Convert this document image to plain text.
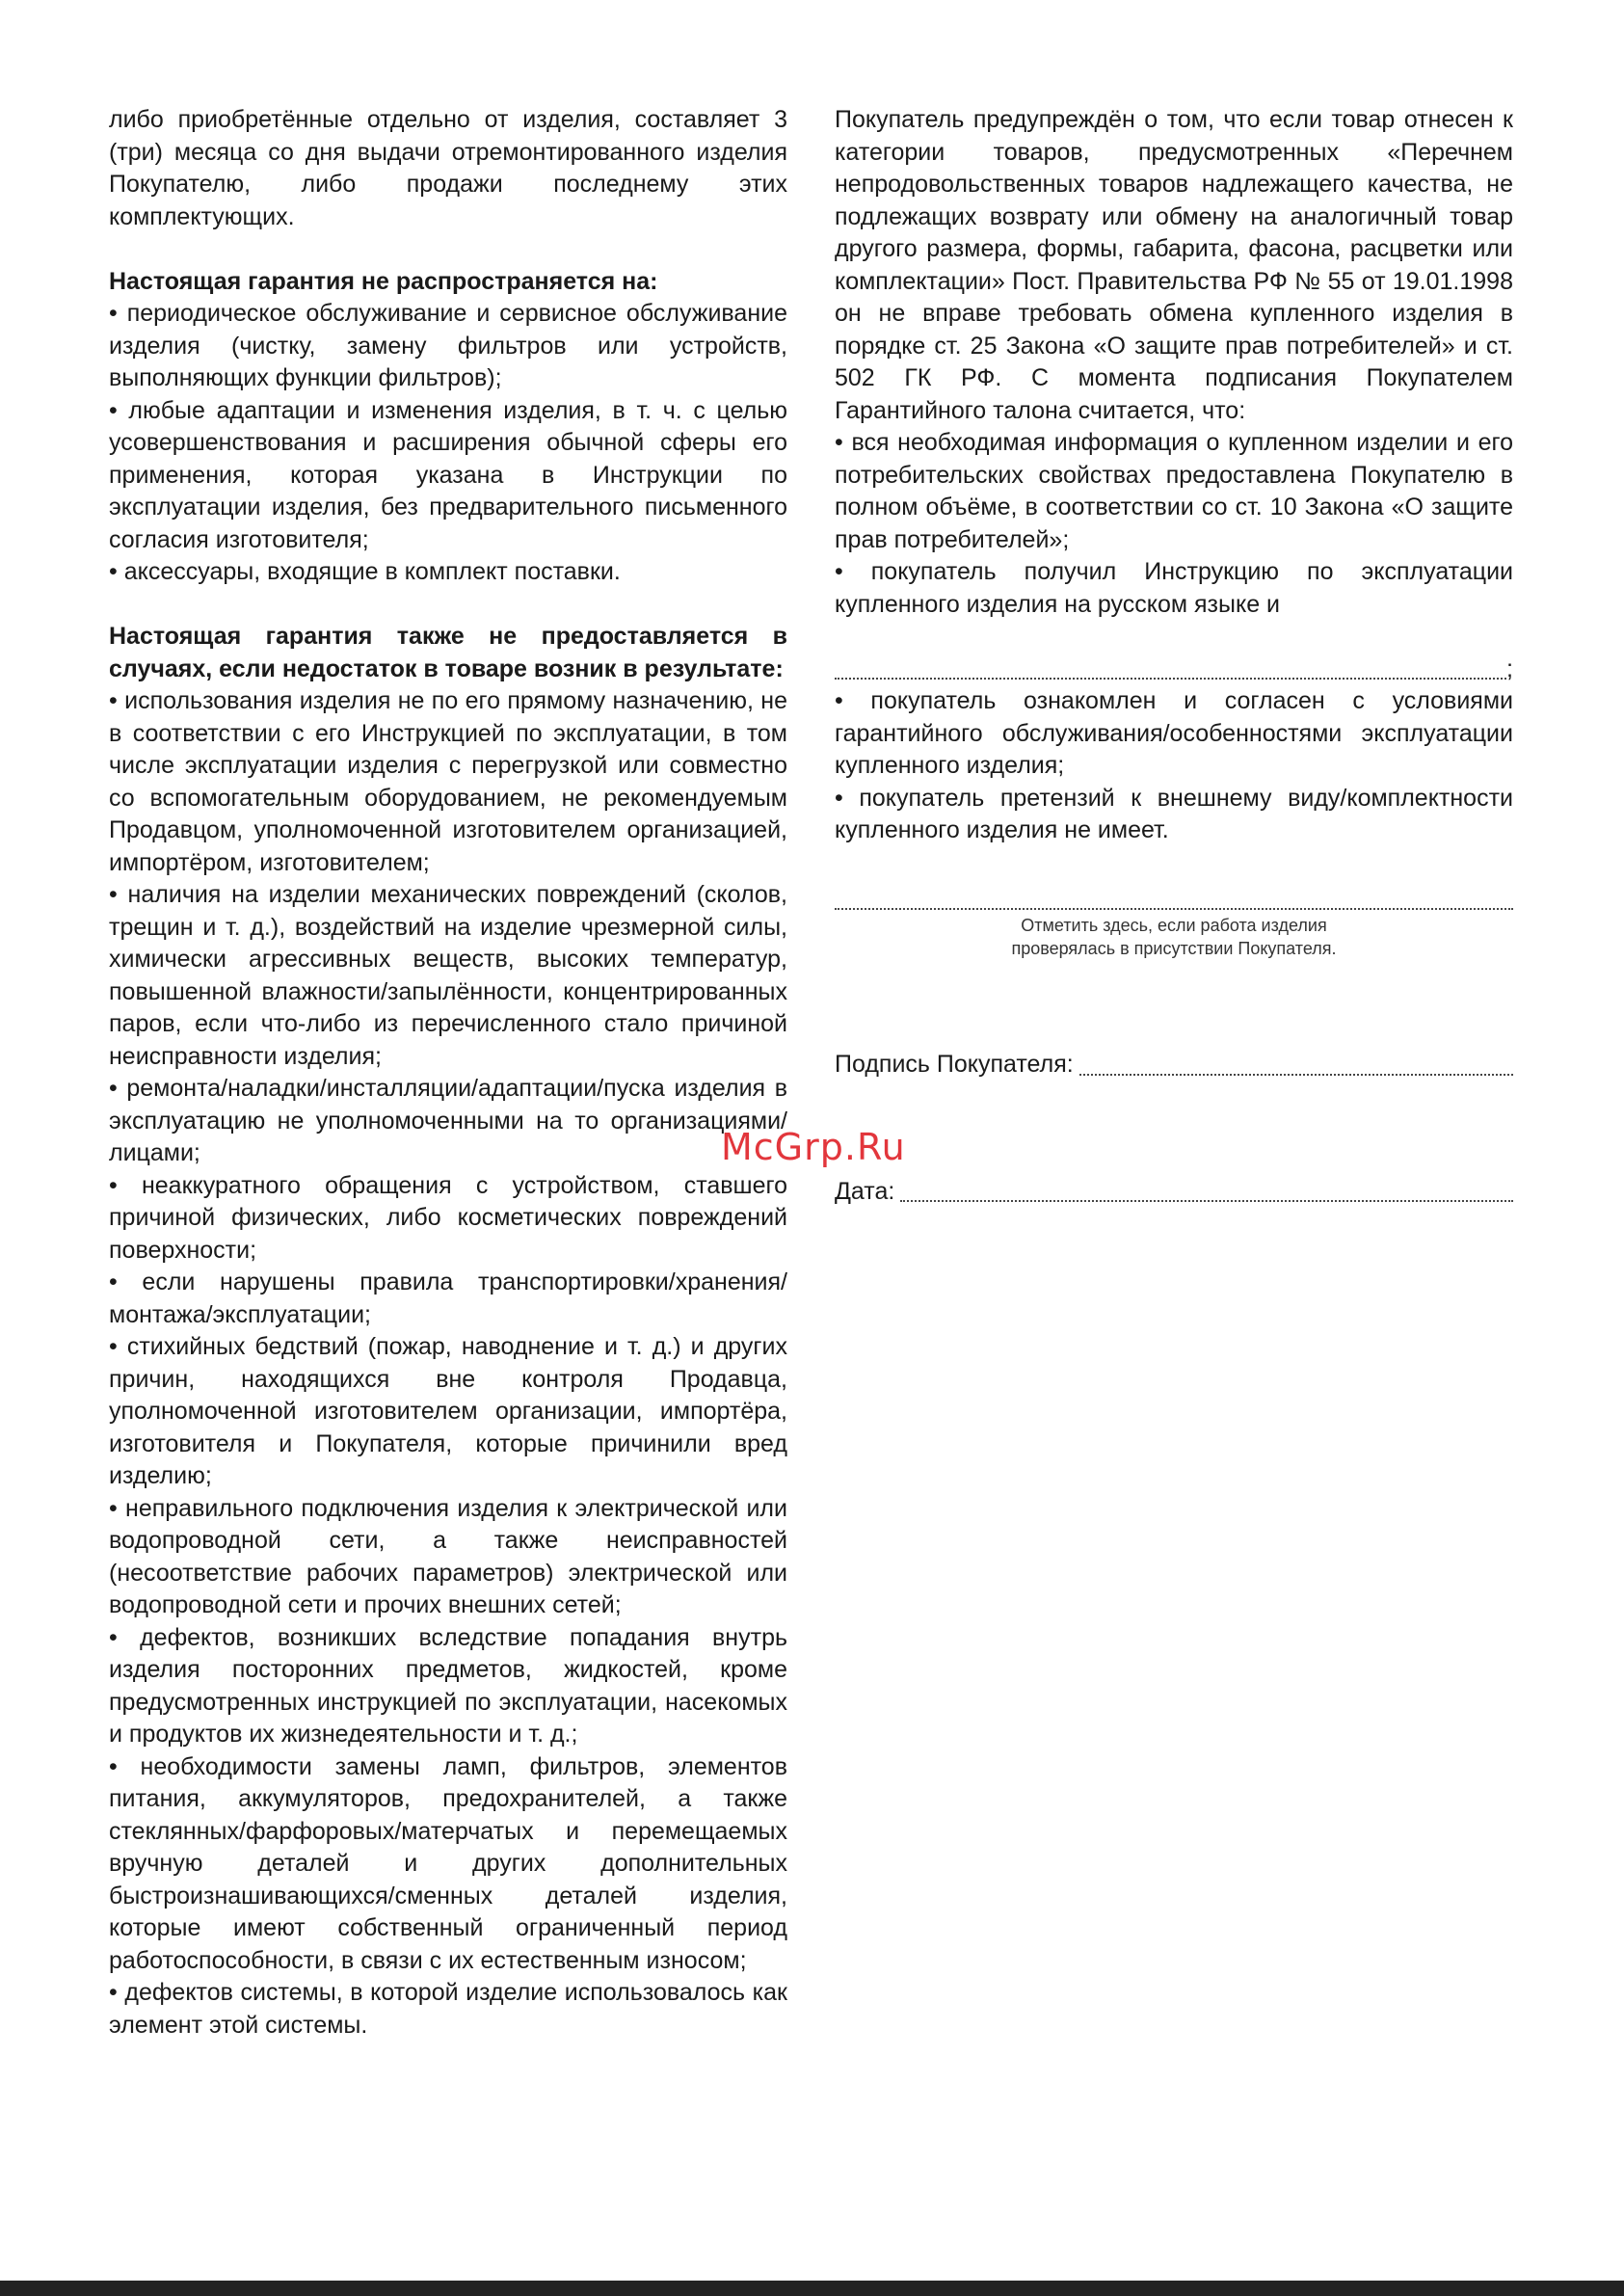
либо приобретённые отдельно от изделия, составляет 3 (три) месяца со дня выдачи отремонтированного изделия Покупателю, либо продажи последнему этих комплектующих.

Настоящая гарантия не распространяется на:

• периодическое обслуживание и сервисное обслуживание изделия (чистку, замену фильтров или устройств, выполняющих функции фильтров);

• любые адаптации и изменения изделия, в т. ч. с целью усовершенствования и расширения обычной сферы его применения, которая указана в Инструкции по эксплуатации изделия, без предварительного письменного согласия изготовителя;

• аксессуары, входящие в комплект поставки.

Настоящая гарантия также не предоставляется в случаях, если недостаток в товаре возник в результате:

• использования изделия не по его прямому назначению, не в соответствии с его Инструкцией по эксплуатации, в том числе эксплуатации изделия с перегрузкой или совместно со вспомогательным оборудованием, не рекомендуемым Продавцом, уполномоченной изготовителем организацией, импортёром, изготовителем;

• наличия на изделии механических повреждений (сколов, трещин и т. д.), воздействий на изделие чрезмерной силы, химически агрессивных веществ, высоких температур, повышенной влажности/запылённости, концентрированных паров, если что-либо из перечисленного стало причиной неисправности изделия;

• ремонта/наладки/инсталляции/адаптации/пуска изделия в эксплуатацию не уполномоченными на то организациями/ лицами;

• неаккуратного обращения с устройством, ставшего причиной физических, либо косметических повреждений поверхности;

• если нарушены правила транспортировки/хранения/ монтажа/эксплуатации;

• стихийных бедствий (пожар, наводнение и т. д.) и других причин, находящихся вне контроля Продавца, уполномоченной изготовителем организации, импортёра, изготовителя и Покупателя, которые причинили вред изделию;

• неправильного подключения изделия к электрической или водопроводной сети, а также неисправностей (несоответствие рабочих параметров) электрической или водопроводной сети и прочих внешних сетей;

• дефектов, возникших вследствие попадания внутрь изделия посторонних предметов, жидкостей, кроме предусмотренных инструкцией по эксплуатации, насекомых и продуктов их жизнедеятельности и т. д.;

• необходимости замены ламп, фильтров, элементов питания, аккумуляторов, предохранителей, а также стеклянных/фарфоровых/матерчатых и перемещаемых вручную деталей и других дополнительных быстроизнашивающихся/сменных деталей изделия, которые имеют собственный ограниченный период работоспособности, в связи с их естественным износом;

• дефектов системы, в которой изделие использовалось как элемент этой системы.

Покупатель предупреждён о том, что если товар отнесен к категории товаров, предусмотренных «Перечнем непродовольственных товаров надлежащего качества, не подлежащих возврату или обмену на аналогичный товар другого размера, формы, габарита, фасона, расцветки или комплектации» Пост. Правительства РФ № 55 от 19.01.1998 он не вправе требовать обмена купленного изделия в порядке ст. 25 Закона «О защите прав потребителей» и ст. 502 ГК РФ. С момента подписания Покупателем Гарантийного талона считается, что:

• вся необходимая информация о купленном изделии и его потребительских свойствах предоставлена Покупателю в полном объёме, в соответствии со ст. 10 Закона «О защите прав потребителей»;

• покупатель получил Инструкцию по эксплуатации купленного изделия на русском языке и

;

• покупатель ознакомлен и согласен с условиями гарантийного обслуживания/особенностями эксплуатации купленного изделия;

• покупатель претензий к внешнему виду/комплектности купленного изделия не имеет.

Отметить здесь, если работа изделия
проверялась в присутствии Покупателя.
Подпись Покупателя:
Дата:
McGrp.Ru
